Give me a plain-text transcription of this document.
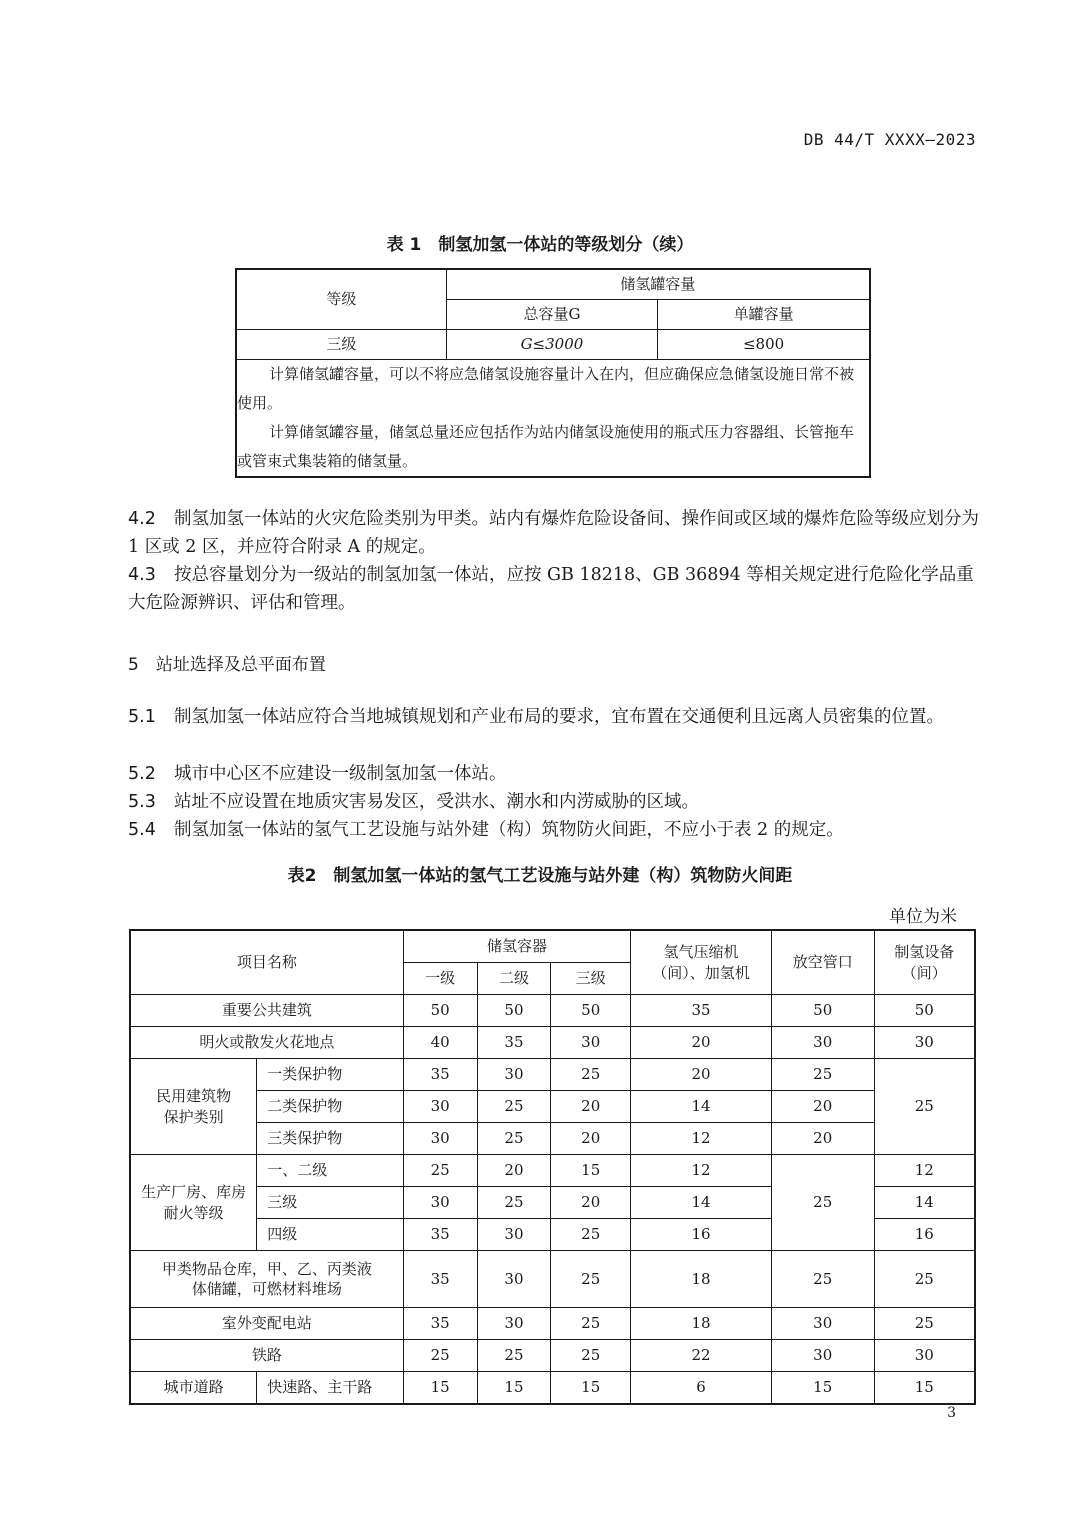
DB 44/T XXXX—2023
表 1　制氢加氢一体站的等级划分（续）
等级	储氢罐容量	
	总容量G	单罐容量
三级	G≤3000	≤800

计算储氢罐容量，可以不将应急储氢设施容量计入在内，但应确保应急储氢设施日常不被使用。

计算储氢罐容量，储氢总量还应包括作为站内储氢设施使用的瓶式压力容器组、长管拖车或管束式集装箱的储氢量。		

4.2 制氢加氢一体站的火灾危险类别为甲类。站内有爆炸危险设备间、操作间或区域的爆炸危险等级应划分为 1 区或 2 区，并应符合附录 A 的规定。
4.3 按总容量划分为一级站的制氢加氢一体站，应按 GB 18218、GB 36894 等相关规定进行危险化学品重大危险源辨识、评估和管理。
5　站址选择及总平面布置
5.1 制氢加氢一体站应符合当地城镇规划和产业布局的要求，宜布置在交通便利且远离人员密集的位置。
5.2 城市中心区不应建设一级制氢加氢一体站。
5.3 站址不应设置在地质灾害易发区，受洪水、潮水和内涝威胁的区域。
5.4 制氢加氢一体站的氢气工艺设施与站外建（构）筑物防火间距，不应小于表 2 的规定。
表2　制氢加氢一体站的氢气工艺设施与站外建（构）筑物防火间距
单位为米
项目名称		储氢容器			氢气压缩机（间）、加氢机	放空管口	制氢设备（间）
		一级	二级	三级			
重要公共建筑		50	50	50	35	50	50
明火或散发火花地点		40	35	30	20	30	30
民用建筑物保护类别	一类保护物	35	30	25	20	25	25
	二类保护物	30	25	20	14	20	
	三类保护物	30	25	20	12	20	
生产厂房、库房耐火等级	一、二级	25	20	15	12	25	12
	三级	30	25	20	14		14
	四级	35	30	25	16		16
甲类物品仓库，甲、乙、丙类液体储罐，可燃材料堆场		35	30	25	18	25	25
室外变配电站		35	30	25	18	30	25
铁路		25	25	25	22	30	30
城市道路	快速路、主干路	15	15	15	6	15	15
3
